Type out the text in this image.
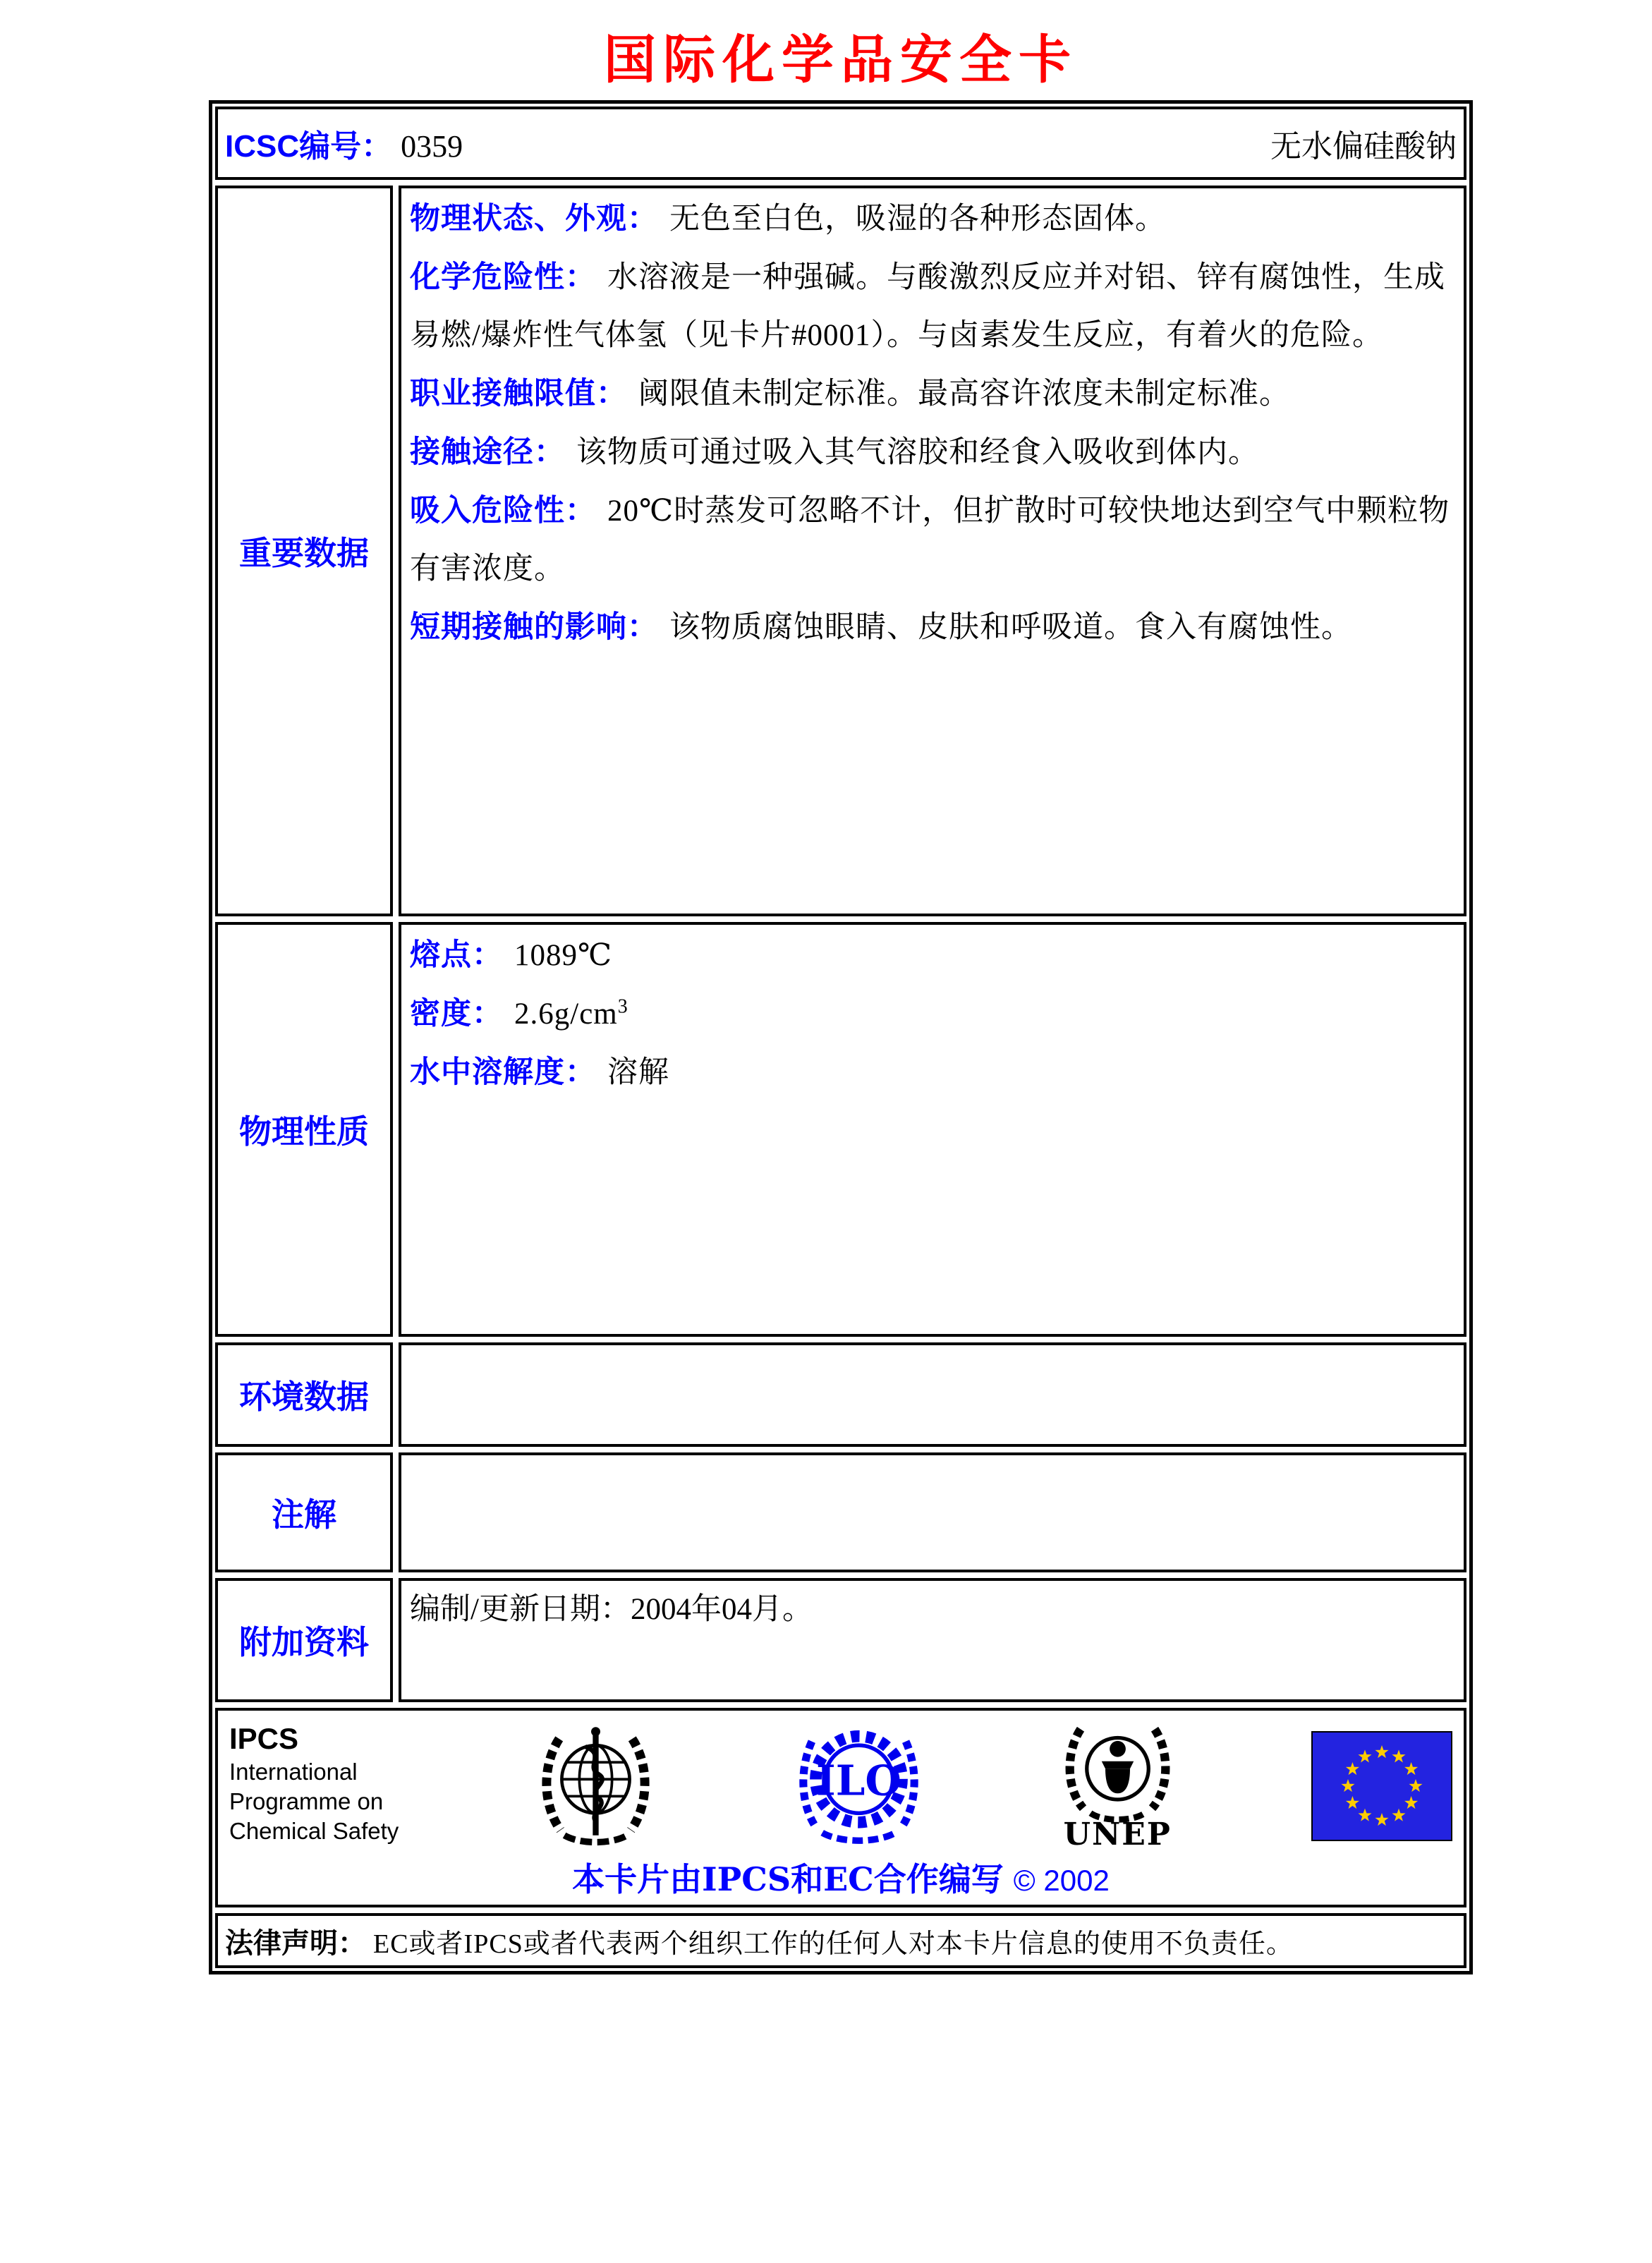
国际化学品安全卡
ICSC编号： 0359	无水偏硅酸钠
重要数据
物理状态、外观： 无色至白色，吸湿的各种形态固体。
化学危险性： 水溶液是一种强碱。与酸激烈反应并对铝、锌有腐蚀性，生成易燃/爆炸性气体氢（见卡片#0001）。与卤素发生反应，有着火的危险。
职业接触限值： 阈限值未制定标准。最高容许浓度未制定标准。
接触途径： 该物质可通过吸入其气溶胶和经食入吸收到体内。
吸入危险性： 20℃时蒸发可忽略不计，但扩散时可较快地达到空气中颗粒物有害浓度。
短期接触的影响： 该物质腐蚀眼睛、皮肤和呼吸道。食入有腐蚀性。
物理性质
熔点： 1089℃
密度： $2.6g/cm^3$
水中溶解度： 溶解
环境数据
注解
附加资料
编制/更新日期：2004年04月。
IPCS
International
Programme on
Chemical Safety
ILO
UNEP
本卡片由IPCS和EC合作编写 © 2002
法律声明： EC或者IPCS或者代表两个组织工作的任何人对本卡片信息的使用不负责任。
